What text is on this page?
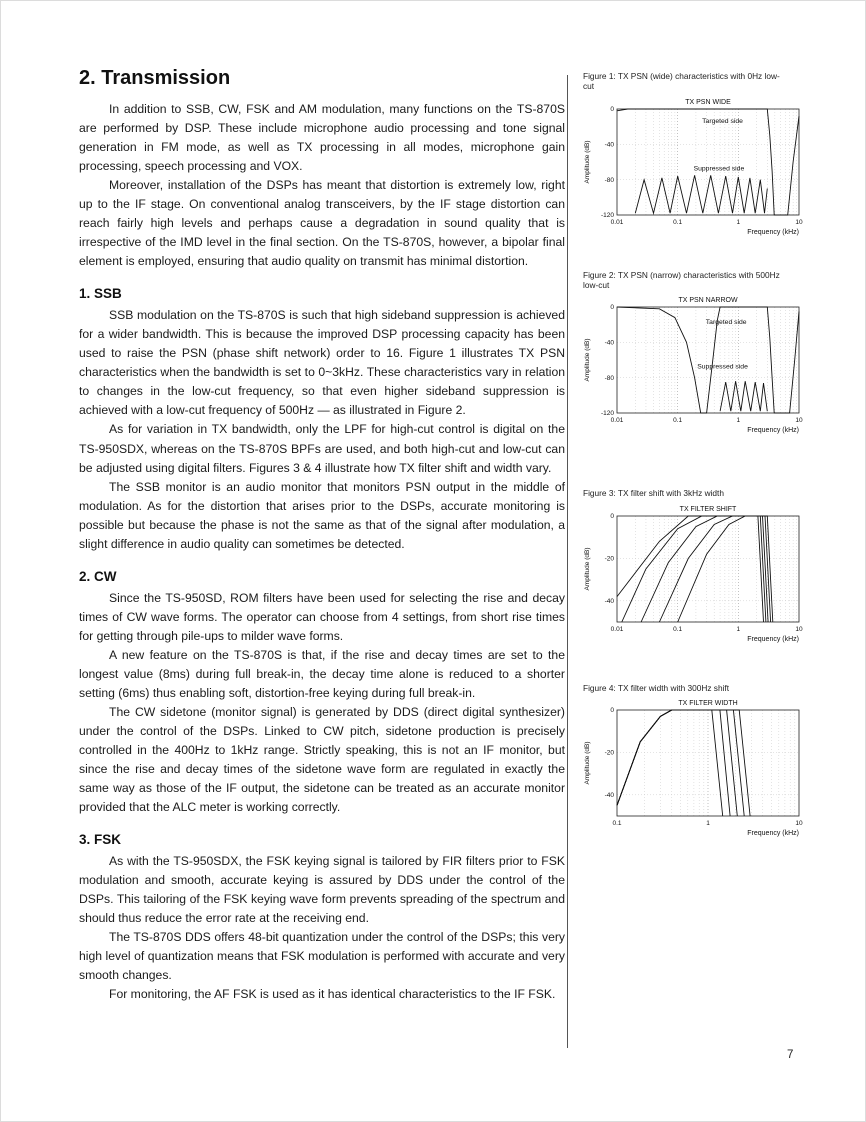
2. Transmission

In addition to SSB, CW, FSK and AM modulation, many functions on the TS-870S are performed by DSP. These include microphone audio processing and tone signal generation in FM mode, as well as TX processing in all modes, microphone gain processing, speech processing and VOX.

Moreover, installation of the DSPs has meant that distortion is extremely low, right up to the IF stage. On conventional analog transceivers, by the IF stage distortion can reach fairly high levels and perhaps cause a degradation in sound quality that is irrespective of the IMD level in the final section. On the TS-870S, however, a bipolar final element is employed, ensuring that audio quality on transmit has minimal distortion.

1. SSB

SSB modulation on the TS-870S is such that high sideband suppression is achieved for a wider bandwidth. This is because the improved DSP processing capacity has been used to raise the PSN (phase shift network) order to 16. Figure 1 illustrates TX PSN characteristics when the bandwidth is set to 0~3kHz. These characteristics vary in relation to changes in the low-cut frequency, so that even higher sideband suppression is achieved with a low-cut frequency of 500Hz — as illustrated in Figure 2.

As for variation in TX bandwidth, only the LPF for high-cut control is digital on the TS-950SDX, whereas on the TS-870S BPFs are used, and both high-cut and low-cut can be adjusted using digital filters. Figures 3 & 4 illustrate how TX filter shift and width vary.

The SSB monitor is an audio monitor that monitors PSN output in the middle of modulation. As for the distortion that arises prior to the DSPs, accurate monitoring is possible but because the phase is not the same as that of the signal after modulation, a slight difference in audio quality can sometimes be detected.

2. CW

Since the TS-950SD, ROM filters have been used for selecting the rise and decay times of CW wave forms. The operator can choose from 4 settings, from short rise times for getting through pile-ups to milder wave forms.

A new feature on the TS-870S is that, if the rise and decay times are set to the longest value (8ms) during full break-in, the decay time alone is reduced to a shorter setting (6ms) thus enabling soft, distortion-free keying during full break-in.

The CW sidetone (monitor signal) is generated by DDS (direct digital synthesizer) under the control of the DSPs. Linked to CW pitch, sidetone production is precisely controlled in the 400Hz to 1kHz range. Strictly speaking, this is not an IF monitor, but since the rise and decay times of the sidetone wave form are regulated in exactly the same way as those of the IF output, the sidetone can be treated as an accurate monitor provided that the ALC meter is working correctly.

3. FSK

As with the TS-950SDX, the FSK keying signal is tailored by FIR filters prior to FSK modulation and smooth, accurate keying is assured by DDS under the control of the DSPs. This tailoring of the FSK keying wave form prevents spreading of the spectrum and should thus reduce the error rate at the receiving end.

The TS-870S DDS offers 48-bit quantization under the control of the DSPs; this very high level of quantization means that FSK modulation is performed with accurate and very smooth changes.

For monitoring, the AF FSK is used as it has identical characteristics to the IF FSK.

Figure 1: TX PSN (wide) characteristics with 0Hz low-cut
0.01	0.1	1	10
0
-40
-80
-120
Targeted side
Suppressed side
TX PSN WIDE
Frequency (kHz)
Amplitude (dB)
Figure 2: TX PSN (narrow) characteristics with 500Hz low-cut
0.01	0.1	1	10
0
-40
-80
-120
Targeted side
Suppressed side
TX PSN NARROW
Frequency (kHz)
Amplitude (dB)
Figure 3: TX filter shift with 3kHz width
0.01	0.1	1	10
0
-20
-40
TX FILTER SHIFT
Frequency (kHz)
Amplitude (dB)
Figure 4: TX filter width with 300Hz shift
0.1	1	10
0
-20
-40
TX FILTER WIDTH
Frequency (kHz)
Amplitude (dB)
7
